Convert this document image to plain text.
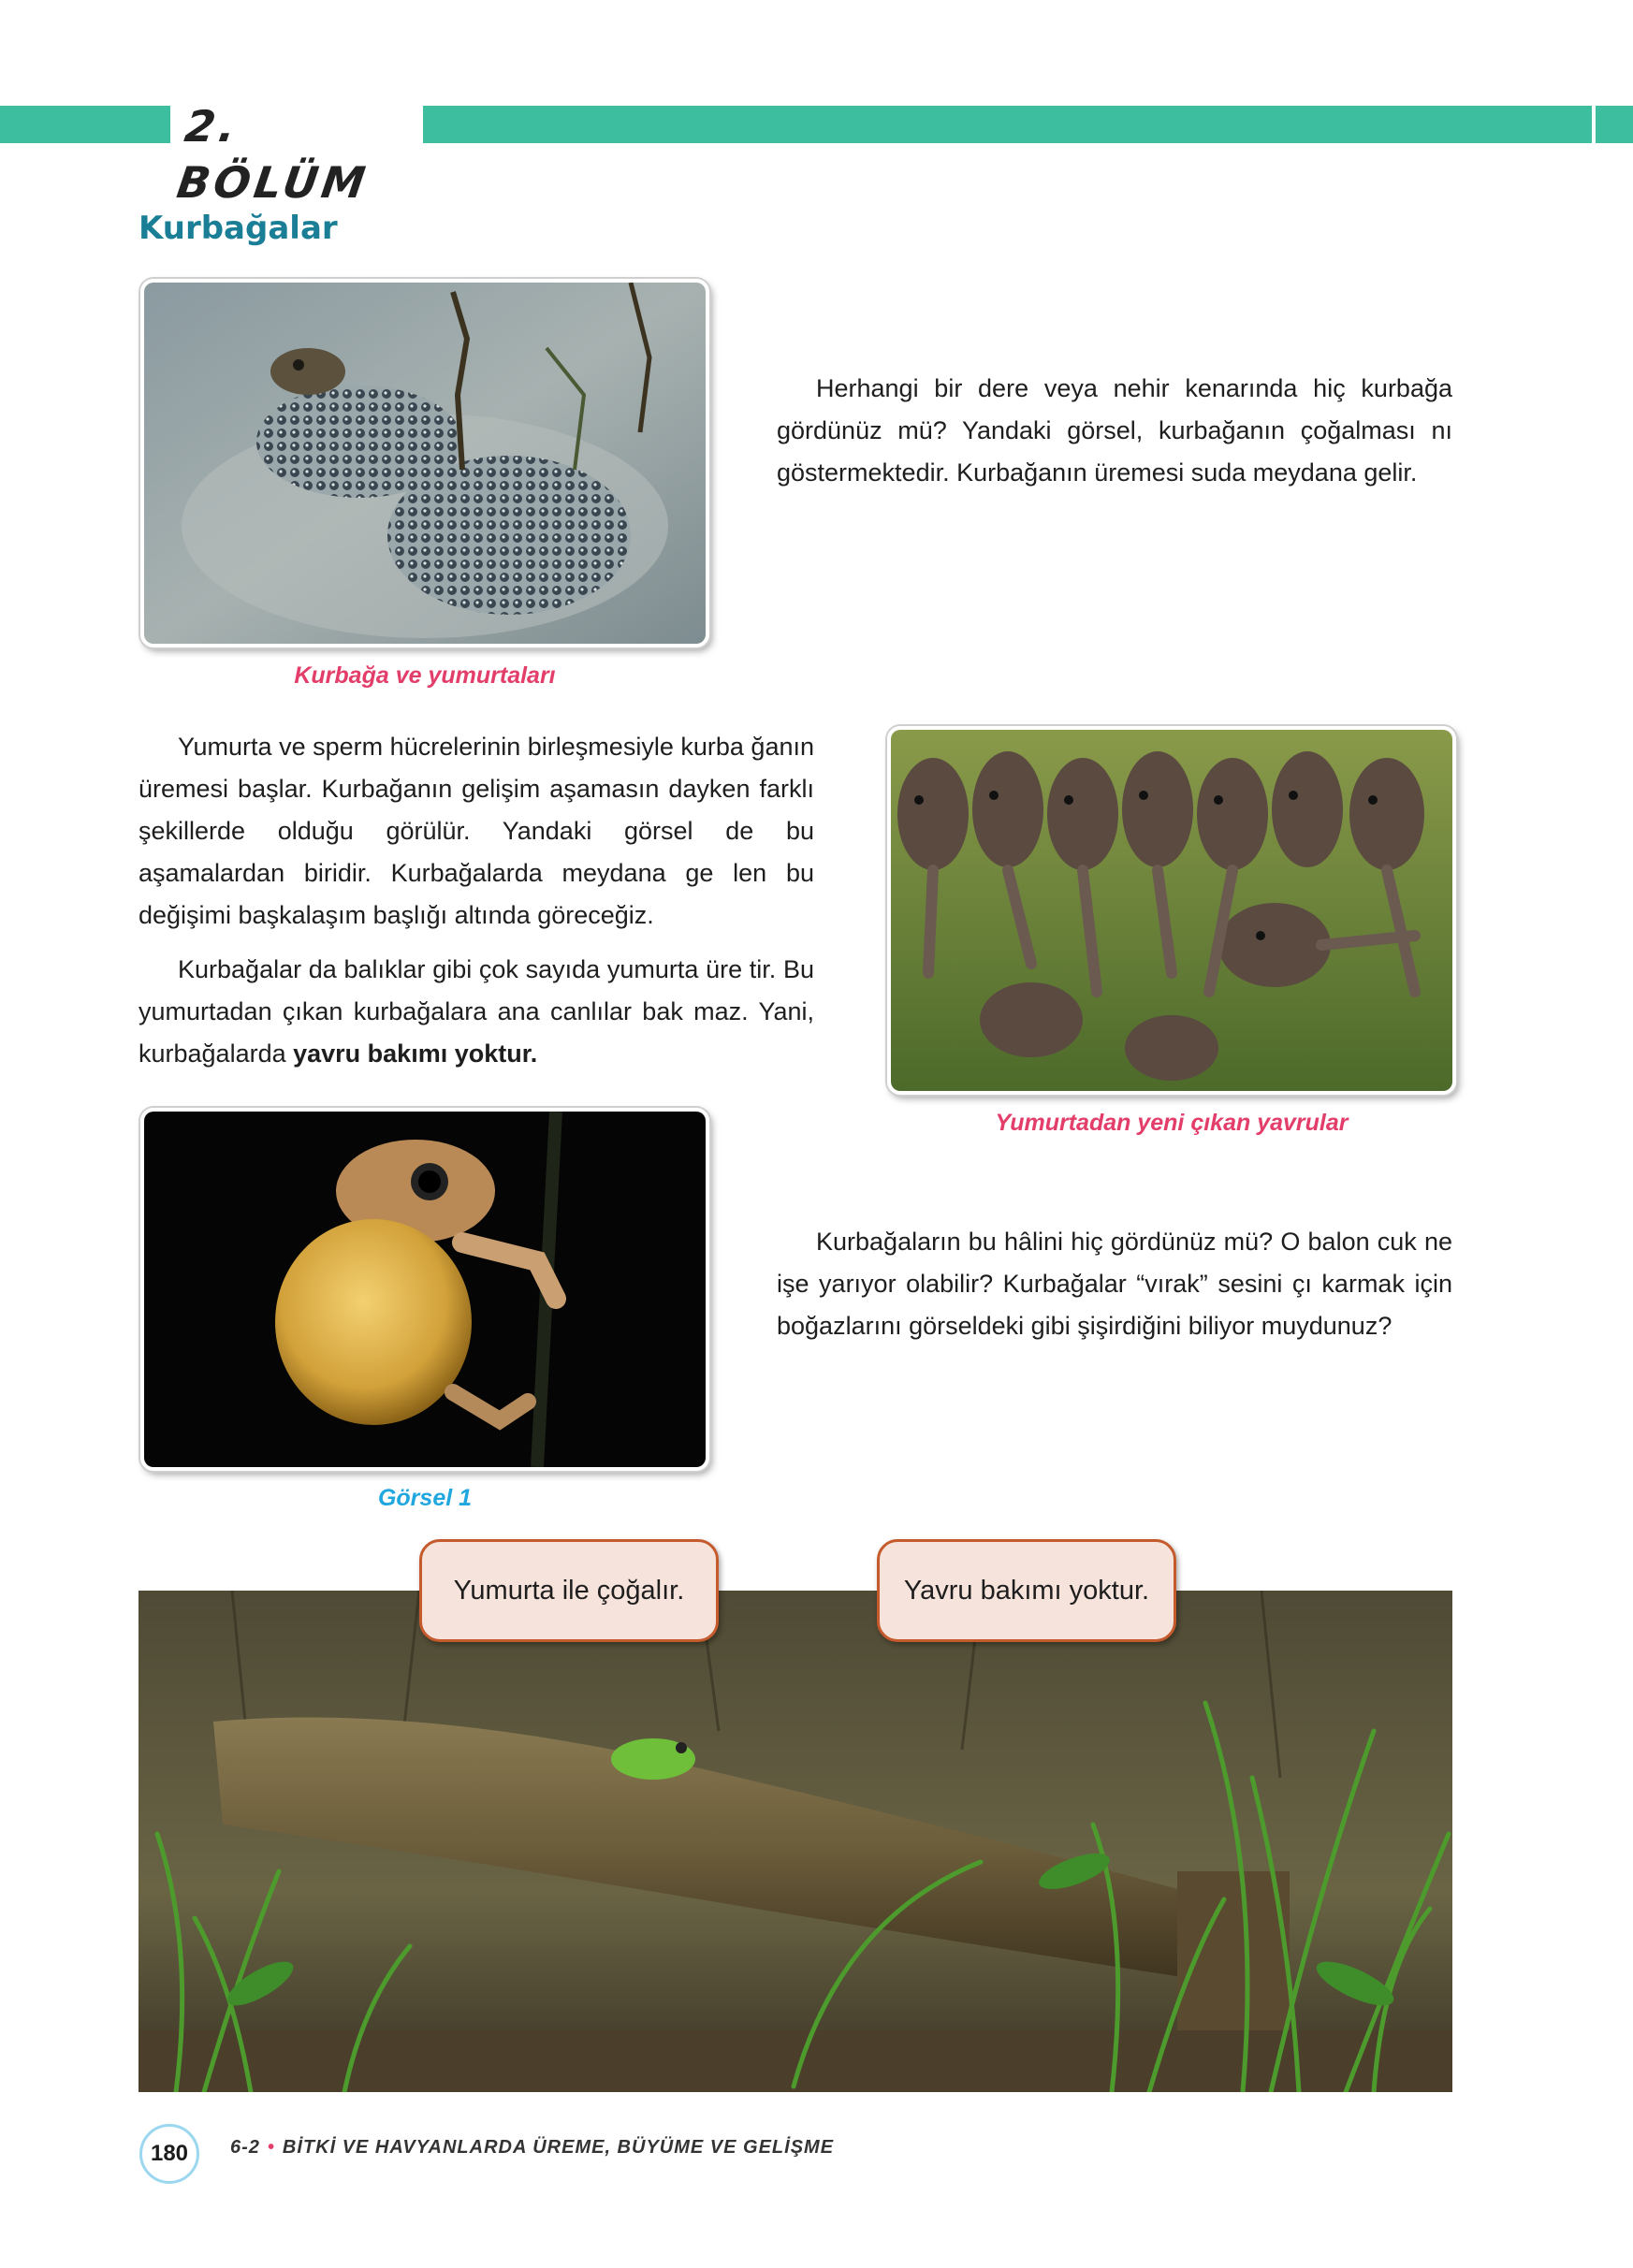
2. BÖLÜM
Kurbağalar
Kurbağa ve yumurtaları

Herhangi bir dere veya nehir kenarında hiç kurbağa gördünüz mü? Yandaki görsel, kurbağanın çoğalması nı göstermektedir. Kurbağanın üremesi suda meydana gelir.

Yumurtadan yeni çıkan yavrular

Yumurta ve sperm hücrelerinin birleşmesiyle kurba ğanın üremesi başlar. Kurbağanın gelişim aşamasın dayken farklı şekillerde olduğu görülür. Yandaki görsel de bu aşamalardan biridir. Kurbağalarda meydana ge len bu değişimi başkalaşım başlığı altında göreceğiz.

Kurbağalar da balıklar gibi çok sayıda yumurta üre tir. Bu yumurtadan çıkan kurbağalara ana canlılar bak maz. Yani, kurbağalarda yavru bakımı yoktur.

Görsel 1

Kurbağaların bu hâlini hiç gördünüz mü? O balon cuk ne işe yarıyor olabilir? Kurbağalar “vırak” sesini çı karmak için boğazlarını görseldeki gibi şişirdiğini biliyor muydunuz?

Yumurta ile çoğalır.	Yavru bakımı yoktur.
180	6-2 • BİTKİ VE HAVYANLARDA ÜREME, BÜYÜME VE GELİŞME
